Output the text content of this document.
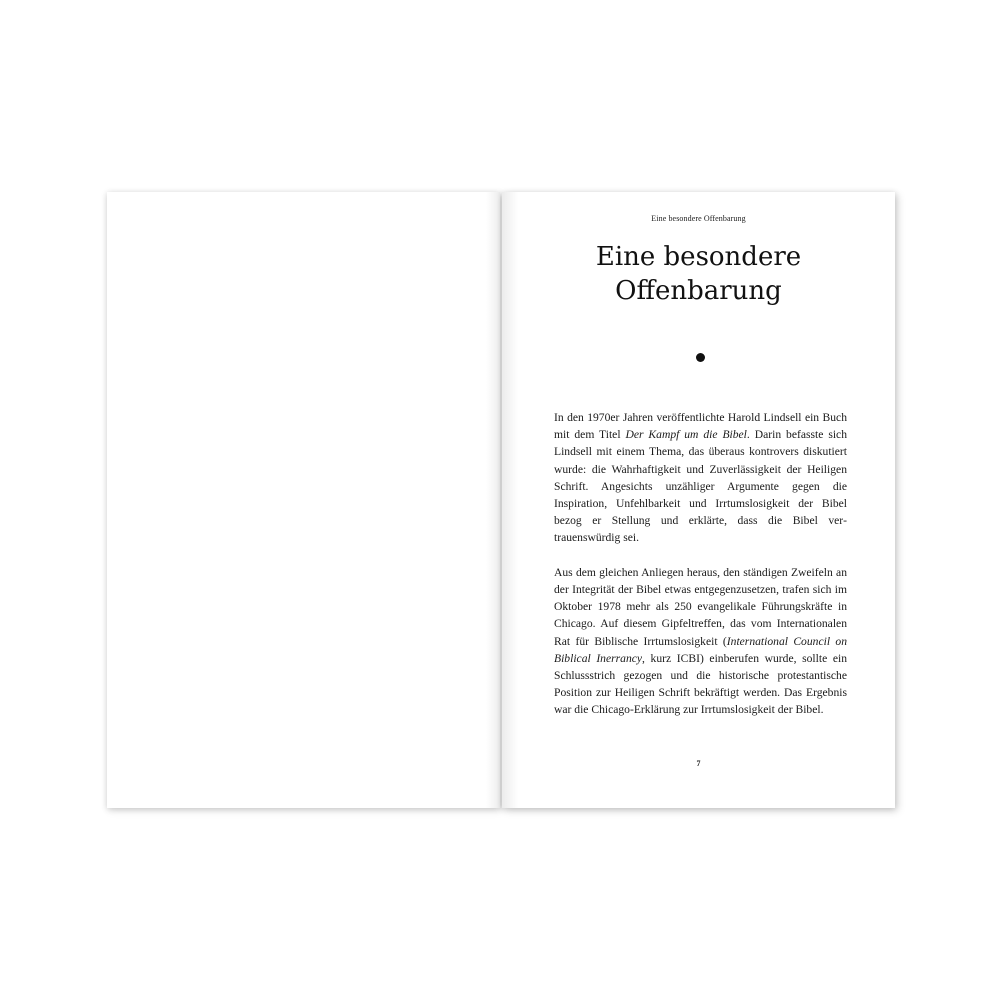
Eine besondere Offenbarung
Eine besondere
Offenbarung

In den 1970er Jahren veröffentlichte Harold Lindsell ein Buch mit dem Titel Der Kampf um die Bibel. Darin befasste sich Lindsell mit einem Thema, das überaus kontrovers diskutiert wurde: die Wahrhaftigkeit und Zuverlässigkeit der Heiligen Schrift. Angesichts unzähliger Argumente gegen die Inspiration, Unfehlbarkeit und Irrtumslosigkeit der Bibel bezog er Stellung und erklärte, dass die Bibel vertrauenswürdig sei.

Aus dem gleichen Anliegen heraus, den ständigen Zweifeln an der Integrität der Bibel etwas entgegenzusetzen, trafen sich im Oktober 1978 mehr als 250 evangelikale Führungskräfte in Chicago. Auf diesem Gipfeltreffen, das vom Internationalen Rat für Biblische Irrtumslosigkeit (International Council on Biblical Inerrancy, kurz ICBI) einberufen wurde, sollte ein Schlussstrich gezogen und die historische protestantische Position zur Heiligen Schrift bekräftigt werden. Das Ergebnis war die Chicago-Erklärung zur Irrtumslosigkeit der Bibel.

7
